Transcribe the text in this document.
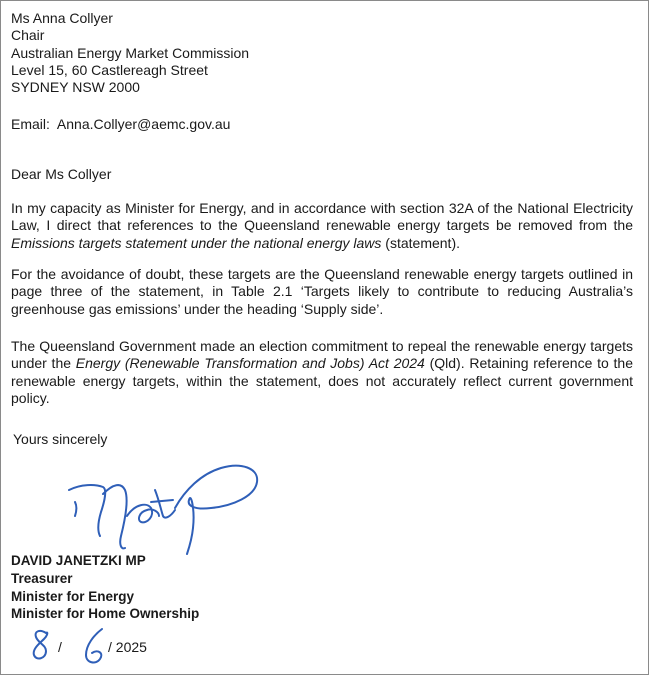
Ms Anna Collyer
Chair
Australian Energy Market Commission
Level 15, 60 Castlereagh Street
SYDNEY NSW 2000
Email: Anna.Collyer@aemc.gov.au
Dear Ms Collyer

In my capacity as Minister for Energy, and in accordance with section 32A of the National Electricity Law, I direct that references to the Queensland renewable energy targets be removed from the Emissions targets statement under the national energy laws (statement).

For the avoidance of doubt, these targets are the Queensland renewable energy targets outlined in page three of the statement, in Table 2.1 ‘Targets likely to contribute to reducing Australia’s greenhouse gas emissions’ under the heading ‘Supply side’.

The Queensland Government made an election commitment to repeal the renewable energy targets under the Energy (Renewable Transformation and Jobs) Act 2024 (Qld). Retaining reference to the renewable energy targets, within the statement, does not accurately reflect current government policy.

Yours sincerely
DAVID JANETZKI MP
Treasurer
Minister for Energy
Minister for Home Ownership
/	/ 2025
